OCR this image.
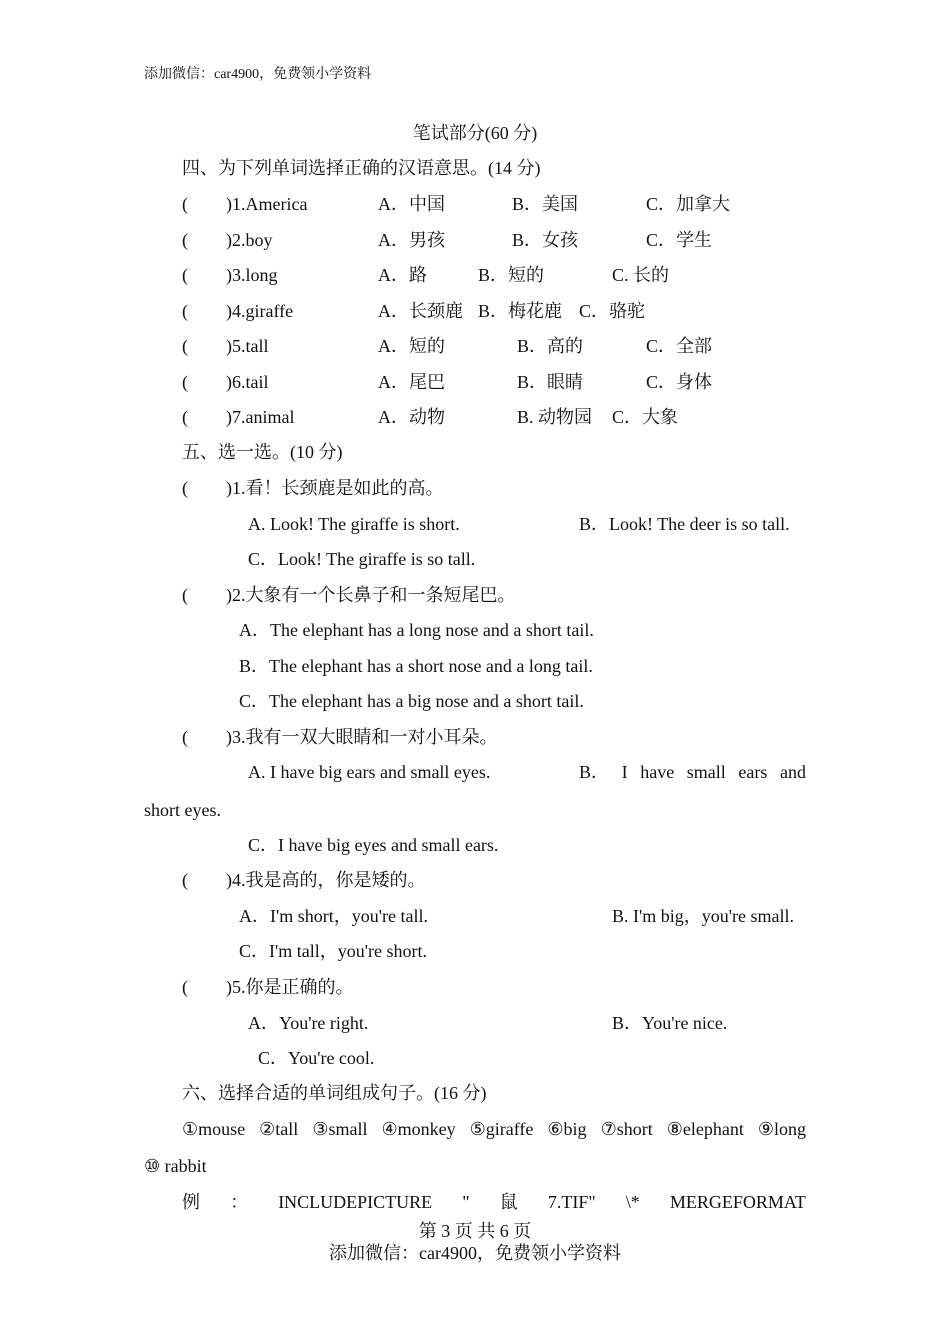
添加微信：car4900，免费领小学资料
笔试部分(60 分)
四、为下列单词选择正确的汉语意思。(14 分)
( )1.America	A．中国	B．美国	C．加拿大
( )2.boy	A．男孩	B．女孩	C．学生
( )3.long	A．路	B．短的	C. 长的
( )4.giraffe	A．长颈鹿 B．梅花鹿 C．骆驼
( )5.tall	A．短的	B．高的	C．全部
( )6.tail	A．尾巴	B．眼睛	C．身体
( )7.animal	A．动物	B. 动物园 C．大象
五、选一选。(10 分)
( )1.看！长颈鹿是如此的高。
A. Look! The giraffe is short.	B．Look! The deer is so tall.
C．Look! The giraffe is so tall.
( )2.大象有一个长鼻子和一条短尾巴。
A．The elephant has a long nose and a short tail.
B．The elephant has a short nose and a long tail.
C．The elephant has a big nose and a short tail.
( )3.我有一双大眼睛和一对小耳朵。
A. I have big ears and small eyes.	B． I have small ears and
short eyes.
C．I have big eyes and small ears.
( )4.我是高的，你是矮的。
A．I'm short，you're tall.	B. I'm big，you're small.
C．I'm tall，you're short.
( )5.你是正确的。
A．You're right.	B．You're nice.
C．You're cool.
六、选择合适的单词组成句子。(16 分)
①mouse ②tall ③small ④monkey ⑤giraffe ⑥big ⑦short ⑧elephant ⑨long
⑩ rabbit
例 ： INCLUDEPICTURE " 鼠 7.TIF" \* MERGEFORMAT
第 3 页 共 6 页
添加微信：car4900，免费领小学资料
